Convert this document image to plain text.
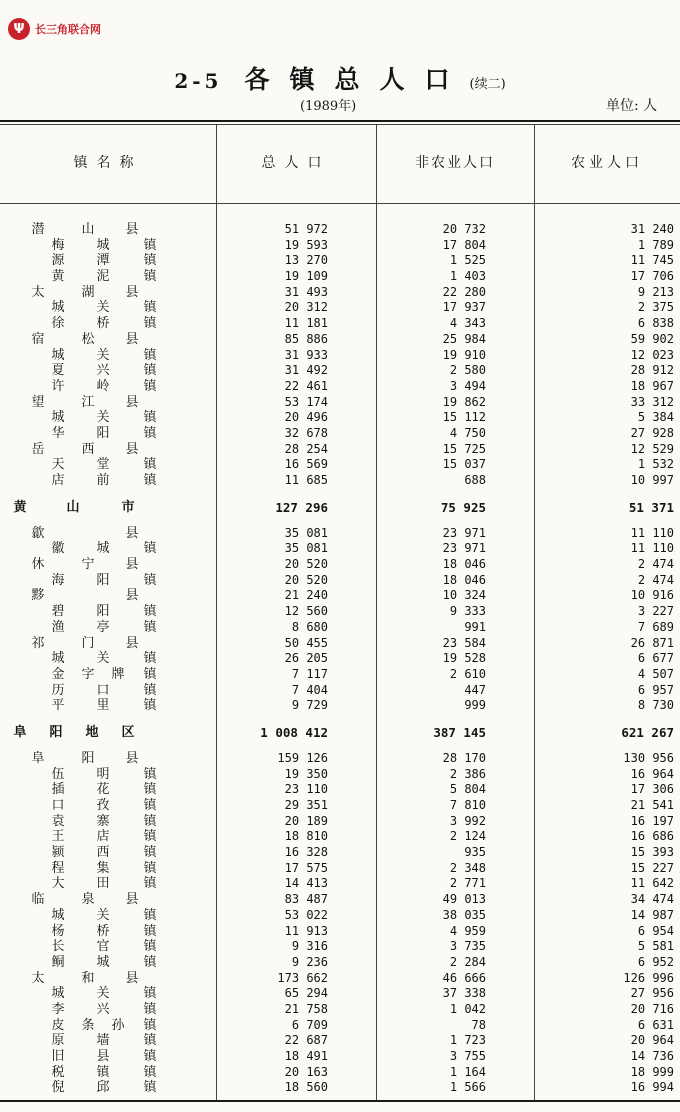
Ψ 长三角联合网
2-5 各镇总人口(续二)
(1989年)	单位: 人
镇名称	总人口	非农业人口	农业人口
潜	山 县	51 972	20 732	31 240
梅 城	镇	19 593	17 804	1 789
源 潭	镇	13 270	1 525	11 745
黄 泥	镇	19 109	1 403	17 706
太	湖 县	31 493	22 280	9 213
城 关	镇	20 312	17 937	2 375
徐 桥	镇	11 181	4 343	6 838
宿	松 县	85 886	25 984	59 902
城 关	镇	31 933	19 910	12 023
夏 兴	镇	31 492	2 580	28 912
许 岭	镇	22 461	3 494	18 967
望	江 县	53 174	19 862	33 312
城 关	镇	20 496	15 112	5 384
华 阳	镇	32 678	4 750	27 928
岳	西 县	28 254	15 725	12 529
天 堂	镇	16 569	15 037	1 532
店 前	镇	11 685	688	10 997
黄	山	市	127 296	75 925	51 371
歙	县	35 081	23 971	11 110
徽 城	镇	35 081	23 971	11 110
休	宁 县	20 520	18 046	2 474
海 阳	镇	20 520	18 046	2 474
黟	县	21 240	10 324	10 916
碧 阳	镇	12 560	9 333	3 227
渔 亭	镇	8 680	991	7 689
祁	门 县	50 455	23 584	26 871
城 关	镇	26 205	19 528	6 677
金 字 牌 镇	7 117	2 610	4 507
历 口	镇	7 404	447	6 957
平 里	镇	9 729	999	8 730
阜 阳 地 区	1 008 412	387 145	621 267
阜	阳 县	159 126	28 170	130 956
伍 明	镇	19 350	2 386	16 964
插 花	镇	23 110	5 804	17 306
口 孜	镇	29 351	7 810	21 541
袁 寨	镇	20 189	3 992	16 197
王 店	镇	18 810	2 124	16 686
颍 西	镇	16 328	935	15 393
程 集	镇	17 575	2 348	15 227
大 田	镇	14 413	2 771	11 642
临	泉 县	83 487	49 013	34 474
城 关	镇	53 022	38 035	14 987
杨 桥	镇	11 913	4 959	6 954
长 官	镇	9 316	3 735	5 581
鲖 城	镇	9 236	2 284	6 952
太	和 县	173 662	46 666	126 996
城 关	镇	65 294	37 338	27 956
李 兴	镇	21 758	1 042	20 716
皮 条 孙 镇	6 709	78	6 631
原 墙	镇	22 687	1 723	20 964
旧 县	镇	18 491	3 755	14 736
税 镇	镇	20 163	1 164	18 999
倪 邱	镇	18 560	1 566	16 994
